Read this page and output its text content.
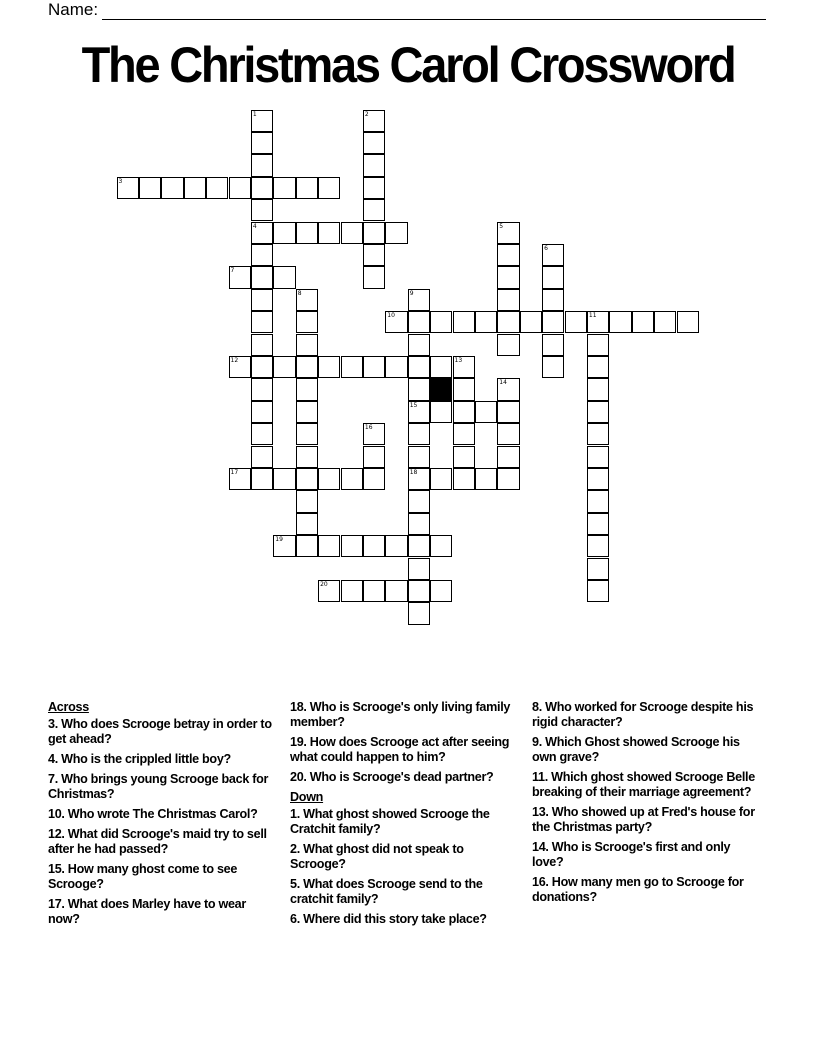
Name:
The Christmas Carol Crossword
3
4
7
10	11
12	13
15
17	18
19
20
1	2
5
6
8	9
14
16
Across
3. Who does Scrooge betray in order to get ahead?
4. Who is the crippled little boy?
7. Who brings young Scrooge back for Christmas?
10. Who wrote The Christmas Carol?
12. What did Scrooge's maid try to sell after he had passed?
15. How many ghost come to see Scrooge?
17. What does Marley have to wear now?
18. Who is Scrooge's only living family member?
19. How does Scrooge act after seeing what could happen to him?
20. Who is Scrooge's dead partner?
Down
1. What ghost showed Scrooge the Cratchit family?
2. What ghost did not speak to Scrooge?
5. What does Scrooge send to the cratchit family?
6. Where did this story take place?
8. Who worked for Scrooge despite his rigid character?
9. Which Ghost showed Scrooge his own grave?
11. Which ghost showed Scrooge Belle breaking of their marriage agreement?
13. Who showed up at Fred's house for the Christmas party?
14. Who is Scrooge's first and only love?
16. How many men go to Scrooge for donations?
